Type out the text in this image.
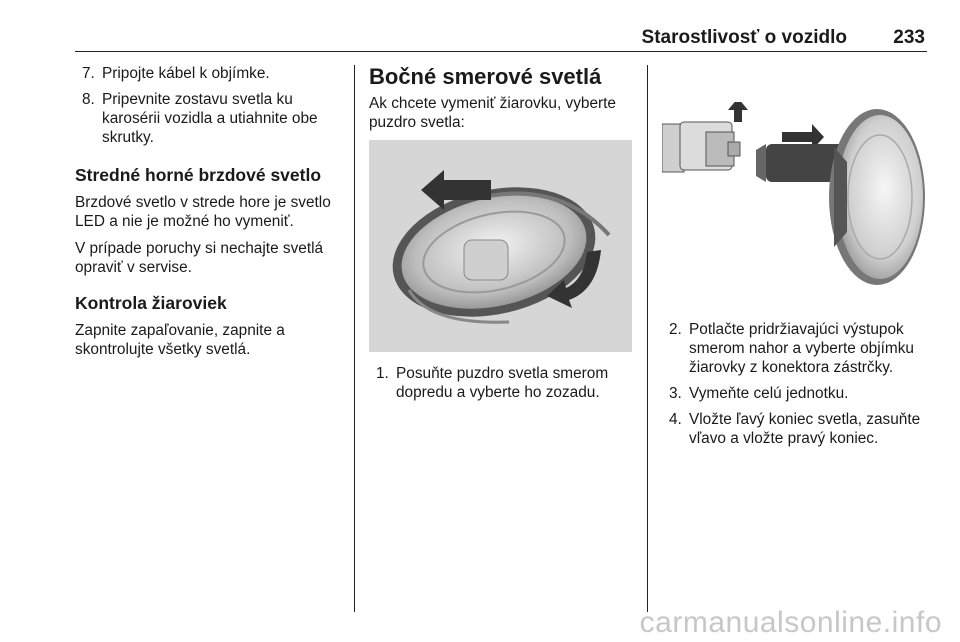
Starostlivosť o vozidlo 233
7. Pripojte kábel k objímke.
8. Pripevnite zostavu svetla ku karosérii vozidla a utiahnite obe skrutky.
Stredné horné brzdové svetlo

Brzdové svetlo v strede hore je svetlo LED a nie je možné ho vymeniť.

V prípade poruchy si nechajte svetlá opraviť v servise.

Kontrola žiaroviek

Zapnite zapaľovanie, zapnite a skontrolujte všetky svetlá.

Bočné smerové svetlá

Ak chcete vymeniť žiarovku, vyberte puzdro svetla:

1. Posuňte puzdro svetla smerom dopredu a vyberte ho zozadu.
2. Potlačte pridržiavajúci výstupok smerom nahor a vyberte objímku žiarovky z konektora zástrčky.
3. Vymeňte celú jednotku.
4. Vložte ľavý koniec svetla, zasuňte vľavo a vložte pravý koniec.
carmanualsonline.info
